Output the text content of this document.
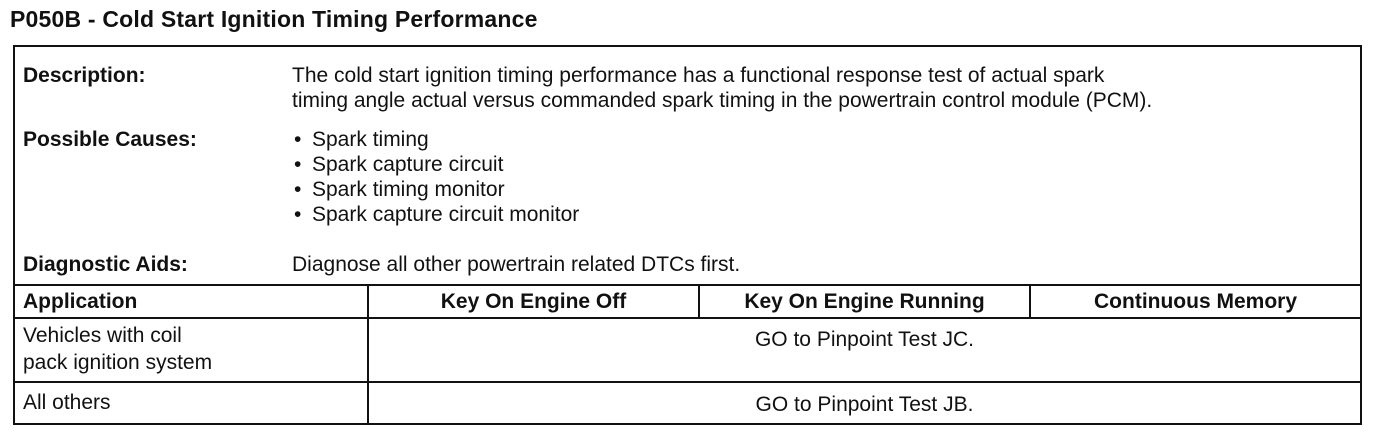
P050B - Cold Start Ignition Timing Performance
Description:	The cold start ignition timing performance has a functional response test of actual spark
timing angle actual versus commanded spark timing in the powertrain control module (PCM).
Possible Causes:
•	Spark timing
• Spark capture circuit
• Spark timing monitor
• Spark capture circuit monitor
Diagnostic Aids:	Diagnose all other powertrain related DTCs first.
Application	Key On Engine Off	Key On Engine Running	Continuous Memory
Vehicles with coil
pack ignition system
GO to Pinpoint Test JC.
All others	GO to Pinpoint Test JB.
